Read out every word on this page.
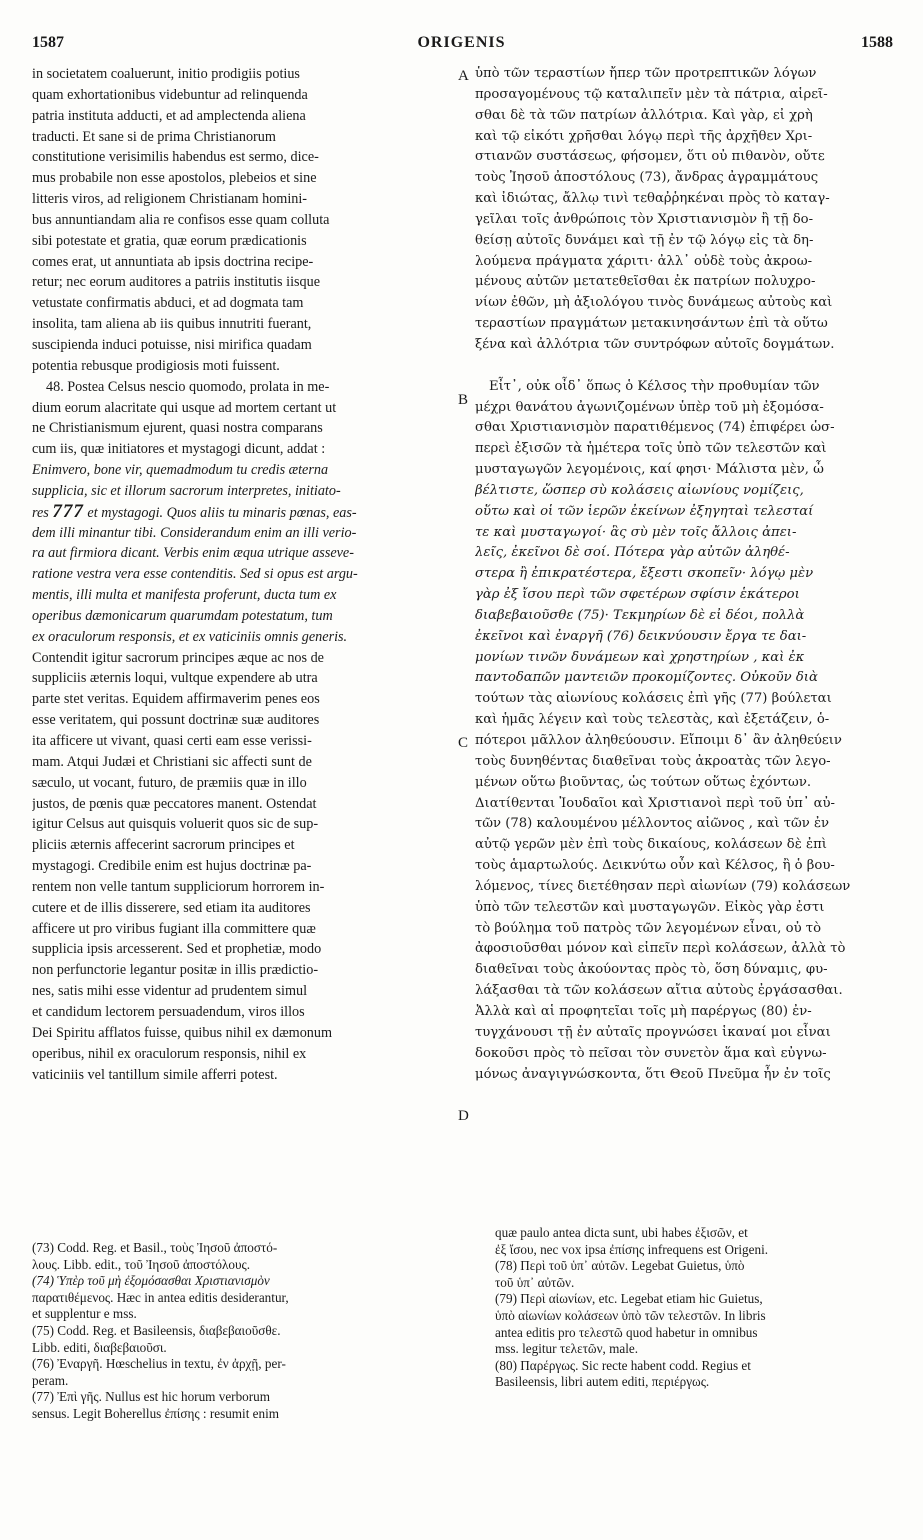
1587	ORIGENIS	1588
A
B
C
D
in societatem coaluerunt, initio prodigiis potius
quam exhortationibus videbuntur ad relinquenda
patria instituta adducti, et ad amplectenda aliena
traducti. Et sane si de prima Christianorum
constitutione verisimilis habendus est sermo, dice-
mus probabile non esse apostolos, plebeios et sine
litteris viros, ad religionem Christianam homini-
bus annuntiandam alia re confisos esse quam colluta
sibi potestate et gratia, quæ eorum prædicationis
comes erat, ut annuntiata ab ipsis doctrina recipe-
retur; nec eorum auditores a patriis institutis iisque
vetustate confirmatis abduci, et ad dogmata tam
insolita, tam aliena ab iis quibus innutriti fuerant,
suscipienda induci potuisse, nisi mirifica quadam
potentia rebusque prodigiosis moti fuissent.
48. Postea Celsus nescio quomodo, prolata in me-
dium eorum alacritate qui usque ad mortem certant ut
ne Christianismum ejurent, quasi nostra comparans
cum iis, quæ initiatores et mystagogi dicunt, addat :
Enimvero, bone vir, quemadmodum tu credis æterna
supplicia, sic et illorum sacrorum interpretes, initiato-
res 777 et mystagogi. Quos aliis tu minaris pœnas, eas-
dem illi minantur tibi. Considerandum enim an illi verio-
ra aut firmiora dicant. Verbis enim æqua utrique asseve-
ratione vestra vera esse contenditis. Sed si opus est argu-
mentis, illi multa et manifesta proferunt, ducta tum ex
operibus dæmonicarum quarumdam potestatum, tum
ex oraculorum responsis, et ex vaticiniis omnis generis.
Contendit igitur sacrorum principes æque ac nos de
suppliciis æternis loqui, vultque expendere ab utra
parte stet veritas. Equidem affirmaverim penes eos
esse veritatem, qui possunt doctrinæ suæ auditores
ita afficere ut vivant, quasi certi eam esse verissi-
mam. Atqui Judæi et Christiani sic affecti sunt de
sæculo, ut vocant, futuro, de præmiis quæ in illo
justos, de pœnis quæ peccatores manent. Ostendat
igitur Celsus aut quisquis voluerit quos sic de sup-
pliciis æternis affecerint sacrorum principes et
mystagogi. Credibile enim est hujus doctrinæ pa-
rentem non velle tantum suppliciorum horrorem in-
cutere et de illis disserere, sed etiam ita auditores
afficere ut pro viribus fugiant illa committere quæ
supplicia ipsis arcesserent. Sed et prophetiæ, modo
non perfunctorie legantur positæ in illis prædictio-
nes, satis mihi esse videntur ad prudentem simul
et candidum lectorem persuadendum, viros illos
Dei Spiritu afflatos fuisse, quibus nihil ex dæmonum
operibus, nihil ex oraculorum responsis, nihil ex
vaticiniis vel tantillum simile afferri potest.
ὑπὸ τῶν τεραστίων ἤπερ τῶν προτρεπτικῶν λόγων
προσαγομένους τῷ καταλιπεῖν μὲν τὰ πάτρια, αἱρεῖ-
σθαι δὲ τὰ τῶν πατρίων ἀλλότρια. Καὶ γὰρ, εἰ χρὴ
καὶ τῷ εἰκότι χρῆσθαι λόγῳ περὶ τῆς ἀρχῆθεν Χρι-
στιανῶν συστάσεως, φήσομεν, ὅτι οὐ πιθανὸν, οὔτε
τοὺς Ἰησοῦ ἀποστόλους (73), ἄνδρας ἀγραμμάτους
καὶ ἰδιώτας, ἄλλῳ τινὶ τεθαῤῥηκέναι πρὸς τὸ καταγ-
γεῖλαι τοῖς ἀνθρώποις τὸν Χριστιανισμὸν ἢ τῇ δο-
θείσῃ αὐτοῖς δυνάμει καὶ τῇ ἐν τῷ λόγῳ εἰς τὰ δη-
λούμενα πράγματα χάριτι· ἀλλ᾽ οὐδὲ τοὺς ἀκροω-
μένους αὐτῶν μετατεθεῖσθαι ἐκ πατρίων πολυχρο-
νίων ἐθῶν, μὴ ἀξιολόγου τινὸς δυνάμεως αὐτοὺς καὶ
τεραστίων πραγμάτων μετακινησάντων ἐπὶ τὰ οὕτω
ξένα καὶ ἀλλότρια τῶν συντρόφων αὐτοῖς δογμάτων.
Εἶτ᾽, οὐκ οἶδ᾽ ὅπως ὁ Κέλσος τὴν προθυμίαν τῶν
μέχρι θανάτου ἀγωνιζομένων ὑπὲρ τοῦ μὴ ἐξομόσα-
σθαι Χριστιανισμὸν παρατιθέμενος (74) ἐπιφέρει ὡσ-
περεὶ ἐξισῶν τὰ ἡμέτερα τοῖς ὑπὸ τῶν τελεστῶν καὶ
μυσταγωγῶν λεγομένοις, καί φησι· Μάλιστα μὲν, ὦ
βέλτιστε, ὥσπερ σὺ κολάσεις αἰωνίους νομίζεις,
οὕτω καὶ οἱ τῶν ἱερῶν ἐκείνων ἐξηγηταὶ τελεσταί
τε καὶ μυσταγωγοί· ἃς σὺ μὲν τοῖς ἄλλοις ἀπει-
λεῖς, ἐκεῖνοι δὲ σοί. Πότερα γὰρ αὐτῶν ἀληθέ-
στερα ἢ ἐπικρατέστερα, ἔξεστι σκοπεῖν· λόγῳ μὲν
γὰρ ἐξ ἴσου περὶ τῶν σφετέρων σφίσιν ἑκάτεροι
διαβεβαιοῦσθε (75)· Τεκμηρίων δὲ εἰ δέοι, πολλὰ
ἐκεῖνοι καὶ ἐναργῆ (76) δεικνύουσιν ἔργα τε δαι-
μονίων τινῶν δυνάμεων καὶ χρηστηρίων , καὶ ἐκ
παντοδαπῶν μαντειῶν προκομίζοντες. Οὐκοῦν διὰ
τούτων τὰς αἰωνίους κολάσεις ἐπὶ γῆς (77) βούλεται
καὶ ἡμᾶς λέγειν καὶ τοὺς τελεστὰς, καὶ ἐξετάζειν, ὁ-
πότεροι μᾶλλον ἀληθεύουσιν. Εἴποιμι δ᾽ ἂν ἀληθεύειν
τοὺς δυνηθέντας διαθεῖναι τοὺς ἀκροατὰς τῶν λεγο-
μένων οὕτω βιοῦντας, ὡς τούτων οὕτως ἐχόντων.
Διατίθενται Ἰουδαῖοι καὶ Χριστιανοὶ περὶ τοῦ ὑπ᾽ αὐ-
τῶν (78) καλουμένου μέλλοντος αἰῶνος , καὶ τῶν ἐν
αὐτῷ γερῶν μὲν ἐπὶ τοὺς δικαίους, κολάσεων δὲ ἐπὶ
τοὺς ἁμαρτωλούς. Δεικνύτω οὖν καὶ Κέλσος, ἢ ὁ βου-
λόμενος, τίνες διετέθησαν περὶ αἰωνίων (79) κολάσεων
ὑπὸ τῶν τελεστῶν καὶ μυσταγωγῶν. Εἰκὸς γὰρ ἐστι
τὸ βούλημα τοῦ πατρὸς τῶν λεγομένων εἶναι, οὐ τὸ
ἀφοσιοῦσθαι μόνον καὶ εἰπεῖν περὶ κολάσεων, ἀλλὰ τὸ
διαθεῖναι τοὺς ἀκούοντας πρὸς τὸ, ὅση δύναμις, φυ-
λάξασθαι τὰ τῶν κολάσεων αἴτια αὐτοὺς ἐργάσασθαι.
Ἀλλὰ καὶ αἱ προφητεῖαι τοῖς μὴ παρέργως (80) ἐν-
τυγχάνουσι τῇ ἐν αὐταῖς προγνώσει ἱκαναί μοι εἶναι
δοκοῦσι πρὸς τὸ πεῖσαι τὸν συνετὸν ἅμα καὶ εὐγνω-
μόνως ἀναγιγνώσκοντα, ὅτι Θεοῦ Πνεῦμα ἦν ἐν τοῖς
(73) Codd. Reg. et Basil., τοὺς Ἰησοῦ ἀποστό-
λους. Libb. edit., τοῦ Ἰησοῦ ἀποστόλους.
(74) Ὑπὲρ τοῦ μὴ ἐξομόσασθαι Χριστιανισμὸν
παρατιθέμενος. Hæc in antea editis desiderantur,
et supplentur e mss.
(75) Codd. Reg. et Basileensis, διαβεβαιοῦσθε.
Libb. editi, διαβεβαιοῦσι.
(76) Ἐναργῆ. Hœschelius in textu, ἐν ἀρχῇ, per-
peram.
(77) Ἐπὶ γῆς. Nullus est hic horum verborum
sensus. Legit Boherellus ἐπίσης : resumit enim
quæ paulo antea dicta sunt, ubi habes ἐξισῶν, et
ἐξ ἴσου, nec vox ipsa ἐπίσης infrequens est Origeni.
(78) Περὶ τοῦ ὑπ᾽ αὐτῶν. Legebat Guietus, ὑπὸ
τοῦ ὑπ᾽ αὐτῶν.
(79) Περὶ αἰωνίων, etc. Legebat etiam hic Guietus,
ὑπὸ αἰωνίων κολάσεων ὑπὸ τῶν τελεστῶν. In libris
antea editis pro τελεστῶ quod habetur in omnibus
mss. legitur τελετῶν, male.
(80) Παρέργως. Sic recte habent codd. Regius et
Basileensis, libri autem editi, περιέργως.
